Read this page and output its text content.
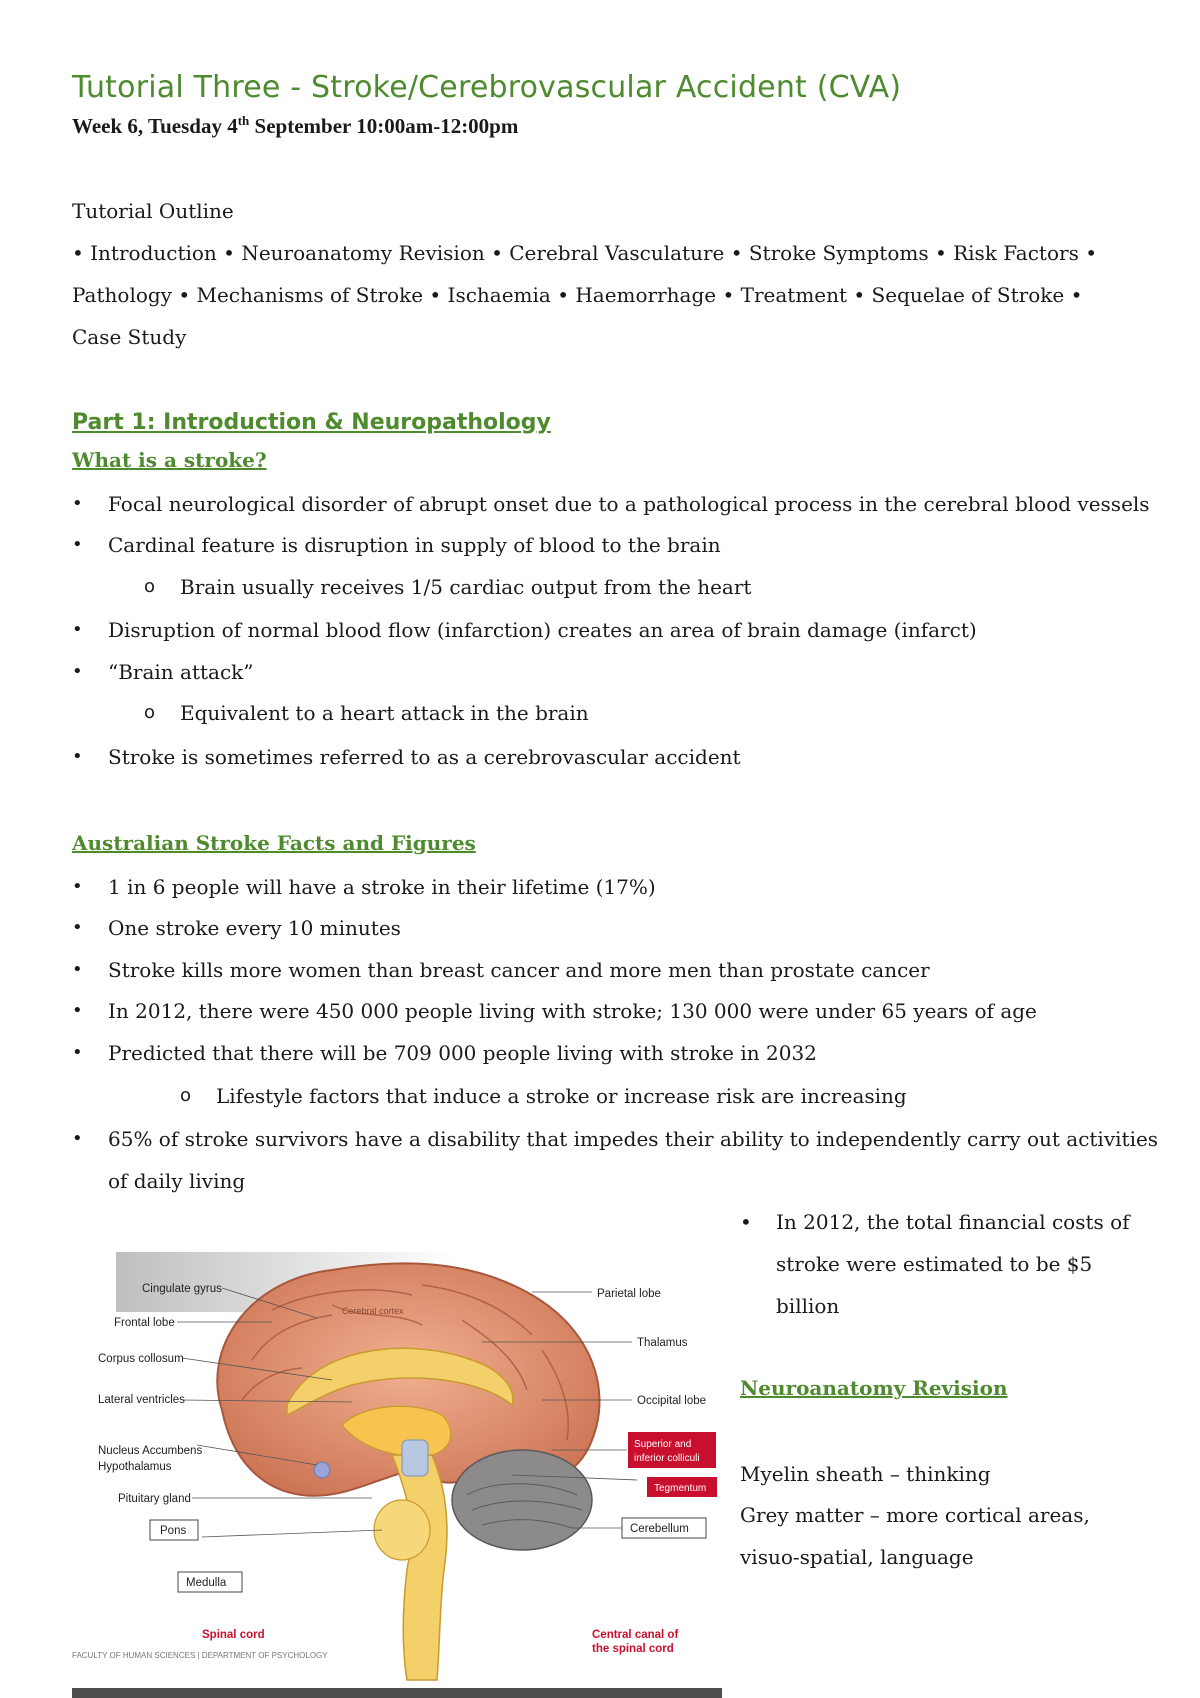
Tutorial Three - Stroke/Cerebrovascular Accident (CVA)
Week 6, Tuesday 4th September 10:00am-12:00pm
Tutorial Outline
• Introduction • Neuroanatomy Revision • Cerebral Vasculature • Stroke Symptoms • Risk Factors • Pathology • Mechanisms of Stroke • Ischaemia • Haemorrhage • Treatment • Sequelae of Stroke • Case Study
Part 1: Introduction & Neuropathology
What is a stroke?
• Focal neurological disorder of abrupt onset due to a pathological process in the cerebral blood vessels
• Cardinal feature is disruption in supply of blood to the brain
o Brain usually receives 1/5 cardiac output from the heart
• Disruption of normal blood flow (infarction) creates an area of brain damage (infarct)
• “Brain attack”
o Equivalent to a heart attack in the brain
• Stroke is sometimes referred to as a cerebrovascular accident
Australian Stroke Facts and Figures
• 1 in 6 people will have a stroke in their lifetime (17%)
• One stroke every 10 minutes
• Stroke kills more women than breast cancer and more men than prostate cancer
• In 2012, there were 450 000 people living with stroke; 130 000 were under 65 years of age
• Predicted that there will be 709 000 people living with stroke in 2032
o Lifestyle factors that induce a stroke or increase risk are increasing
• 65% of stroke survivors have a disability that impedes their ability to independently carry out activities
of daily living
• In 2012, the total financial costs of
stroke were estimated to be $5
billion
Neuroanatomy Revision
Myelin sheath – thinking
Grey matter – more cortical areas,
visuo-spatial, language
Cingulate gyrus
Frontal lobe
Corpus collosum
Lateral ventricles
Nucleus Accumbens
Hypothalamus
Pituitary gland
Pons
Medulla
Spinal cord
Cerebral cortex
Parietal lobe
Thalamus
Occipital lobe
Superior and
inferior colliculi
Tegmentum
Cerebellum
Central canal of
the spinal cord
FACULTY OF HUMAN SCIENCES | DEPARTMENT OF PSYCHOLOGY
